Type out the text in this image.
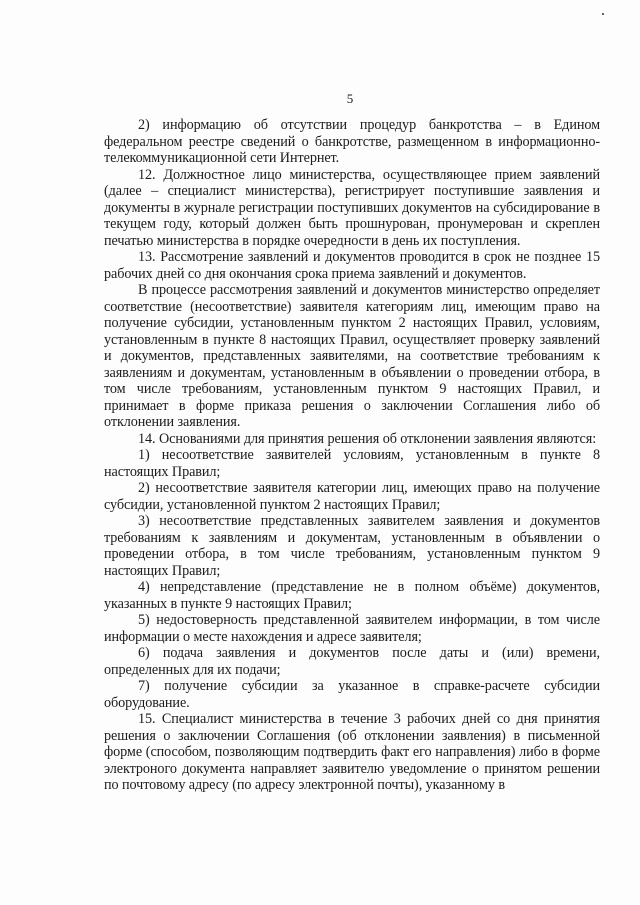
5

2) информацию об отсутствии процедур банкротства – в Едином федеральном реестре сведений о банкротстве, размещенном в информационно-телекоммуникационной сети Интернет.

12. Должностное лицо министерства, осуществляющее прием заявлений (далее – специалист министерства), регистрирует поступившие заявления и документы в журнале регистрации поступивших документов на субсидирование в текущем году, который должен быть прошнурован, пронумерован и скреплен печатью министерства в порядке очередности в день их поступления.

13. Рассмотрение заявлений и документов проводится в срок не позднее 15 рабочих дней со дня окончания срока приема заявлений и документов.

В процессе рассмотрения заявлений и документов министерство определяет соответствие (несоответствие) заявителя категориям лиц, имеющим право на получение субсидии, установленным пунктом 2 настоящих Правил, условиям, установленным в пункте 8 настоящих Правил, осуществляет проверку заявлений и документов, представленных заявителями, на соответствие требованиям к заявлениям и документам, установленным в объявлении о проведении отбора, в том числе требованиям, установленным пунктом 9 настоящих Правил, и принимает в форме приказа решения о заключении Соглашения либо об отклонении заявления.

14. Основаниями для принятия решения об отклонении заявления являются:

1) несоответствие заявителей условиям, установленным в пункте 8 настоящих Правил;

2) несоответствие заявителя категории лиц, имеющих право на получение субсидии, установленной пунктом 2 настоящих Правил;

3) несоответствие представленных заявителем заявления и документов требованиям к заявлениям и документам, установленным в объявлении о проведении отбора, в том числе требованиям, установленным пунктом 9 настоящих Правил;

4) непредставление (представление не в полном объёме) документов, указанных в пункте 9 настоящих Правил;

5) недостоверность представленной заявителем информации, в том числе информации о месте нахождения и адресе заявителя;

6) подача заявления и документов после даты и (или) времени, определенных для их подачи;

7) получение субсидии за указанное в справке-расчете субсидии оборудование.

15. Специалист министерства в течение 3 рабочих дней со дня принятия решения о заключении Соглашения (об отклонении заявления) в письменной форме (способом, позволяющим подтвердить факт его направления) либо в форме электроного документа направляет заявителю уведомление о принятом решении по почтовому адресу (по адресу электронной почты), указанному в
